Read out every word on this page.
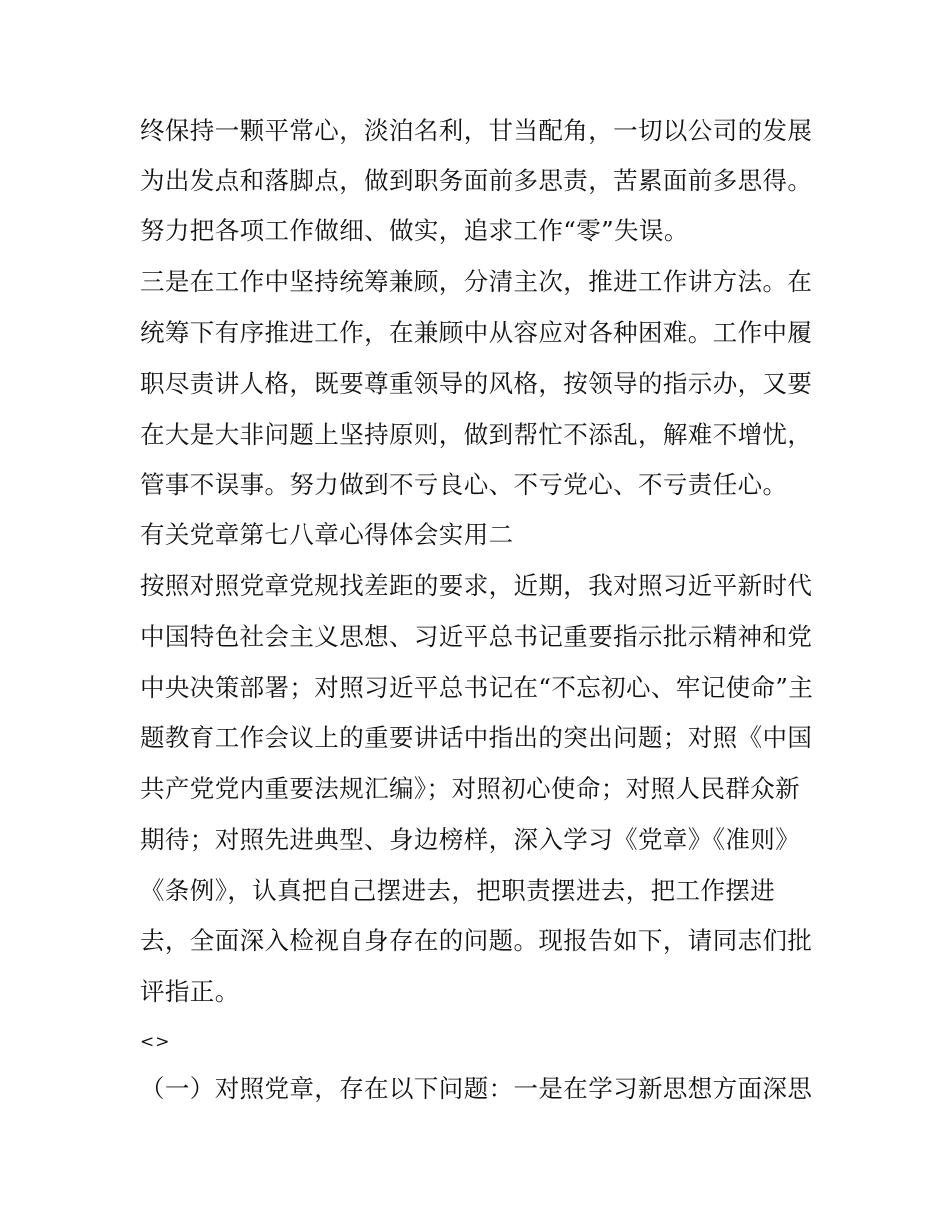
终保持一颗平常心，淡泊名利，甘当配角，一切以公司的发展
为出发点和落脚点，做到职务面前多思责，苦累面前多思得。
努力把各项工作做细、做实，追求工作“零”失误。
三是在工作中坚持统筹兼顾，分清主次，推进工作讲方法。在
统筹下有序推进工作，在兼顾中从容应对各种困难。工作中履
职尽责讲人格，既要尊重领导的风格，按领导的指示办，又要
在大是大非问题上坚持原则，做到帮忙不添乱，解难不增忧，
管事不误事。努力做到不亏良心、不亏党心、不亏责任心。
有关党章第七八章心得体会实用二
按照对照党章党规找差距的要求，近期，我对照习近平新时代
中国特色社会主义思想、习近平总书记重要指示批示精神和党
中央决策部署；对照习近平总书记在“不忘初心、牢记使命”主
题教育工作会议上的重要讲话中指出的突出问题；对照《中国
共产党党内重要法规汇编》；对照初心使命；对照人民群众新
期待；对照先进典型、身边榜样，深入学习《党章》《准则》
《条例》，认真把自己摆进去，把职责摆进去，把工作摆进
去，全面深入检视自身存在的问题。现报告如下，请同志们批
评指正。
<>
（一）对照党章，存在以下问题：一是在学习新思想方面深思
